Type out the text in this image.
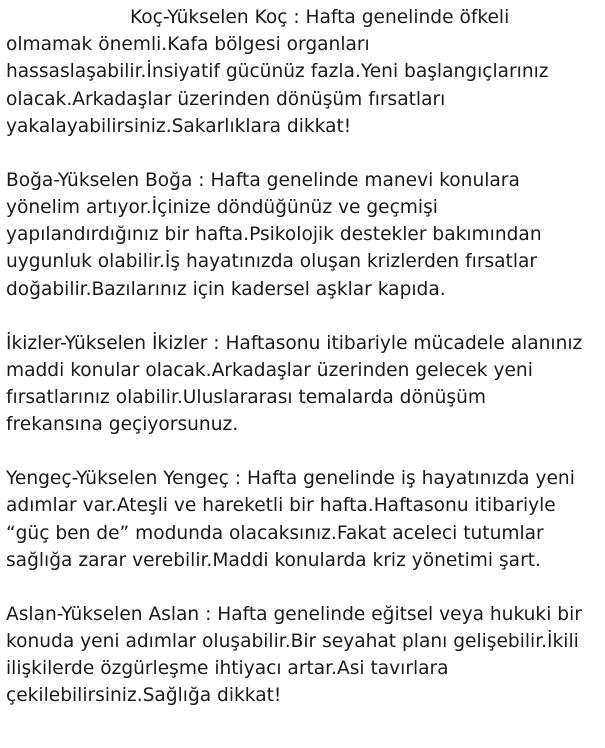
Koç-Yükselen Koç : Hafta genelinde öfkeli
olmamak önemli.Kafa bölgesi organları
hassaslaşabilir.İnsiyatif gücünüz fazla.Yeni başlangıçlarınız
olacak.Arkadaşlar üzerinden dönüşüm fırsatları
yakalayabilirsiniz.Sakarlıklara dikkat!
Boğa-Yükselen Boğa : Hafta genelinde manevi konulara
yönelim artıyor.İçinize döndüğünüz ve geçmişi
yapılandırdığınız bir hafta.Psikolojik destekler bakımından
uygunluk olabilir.İş hayatınızda oluşan krizlerden fırsatlar
doğabilir.Bazılarınız için kadersel aşklar kapıda.
İkizler-Yükselen İkizler : Haftasonu itibariyle mücadele alanınız
maddi konular olacak.Arkadaşlar üzerinden gelecek yeni
fırsatlarınız olabilir.Uluslararası temalarda dönüşüm
frekansına geçiyorsunuz.
Yengeç-Yükselen Yengeç : Hafta genelinde iş hayatınızda yeni
adımlar var.Ateşli ve hareketli bir hafta.Haftasonu itibariyle
“güç ben de” modunda olacaksınız.Fakat aceleci tutumlar
sağlığa zarar verebilir.Maddi konularda kriz yönetimi şart.
Aslan-Yükselen Aslan : Hafta genelinde eğitsel veya hukuki bir
konuda yeni adımlar oluşabilir.Bir seyahat planı gelişebilir.İkili
ilişkilerde özgürleşme ihtiyacı artar.Asi tavırlara
çekilebilirsiniz.Sağlığa dikkat!
